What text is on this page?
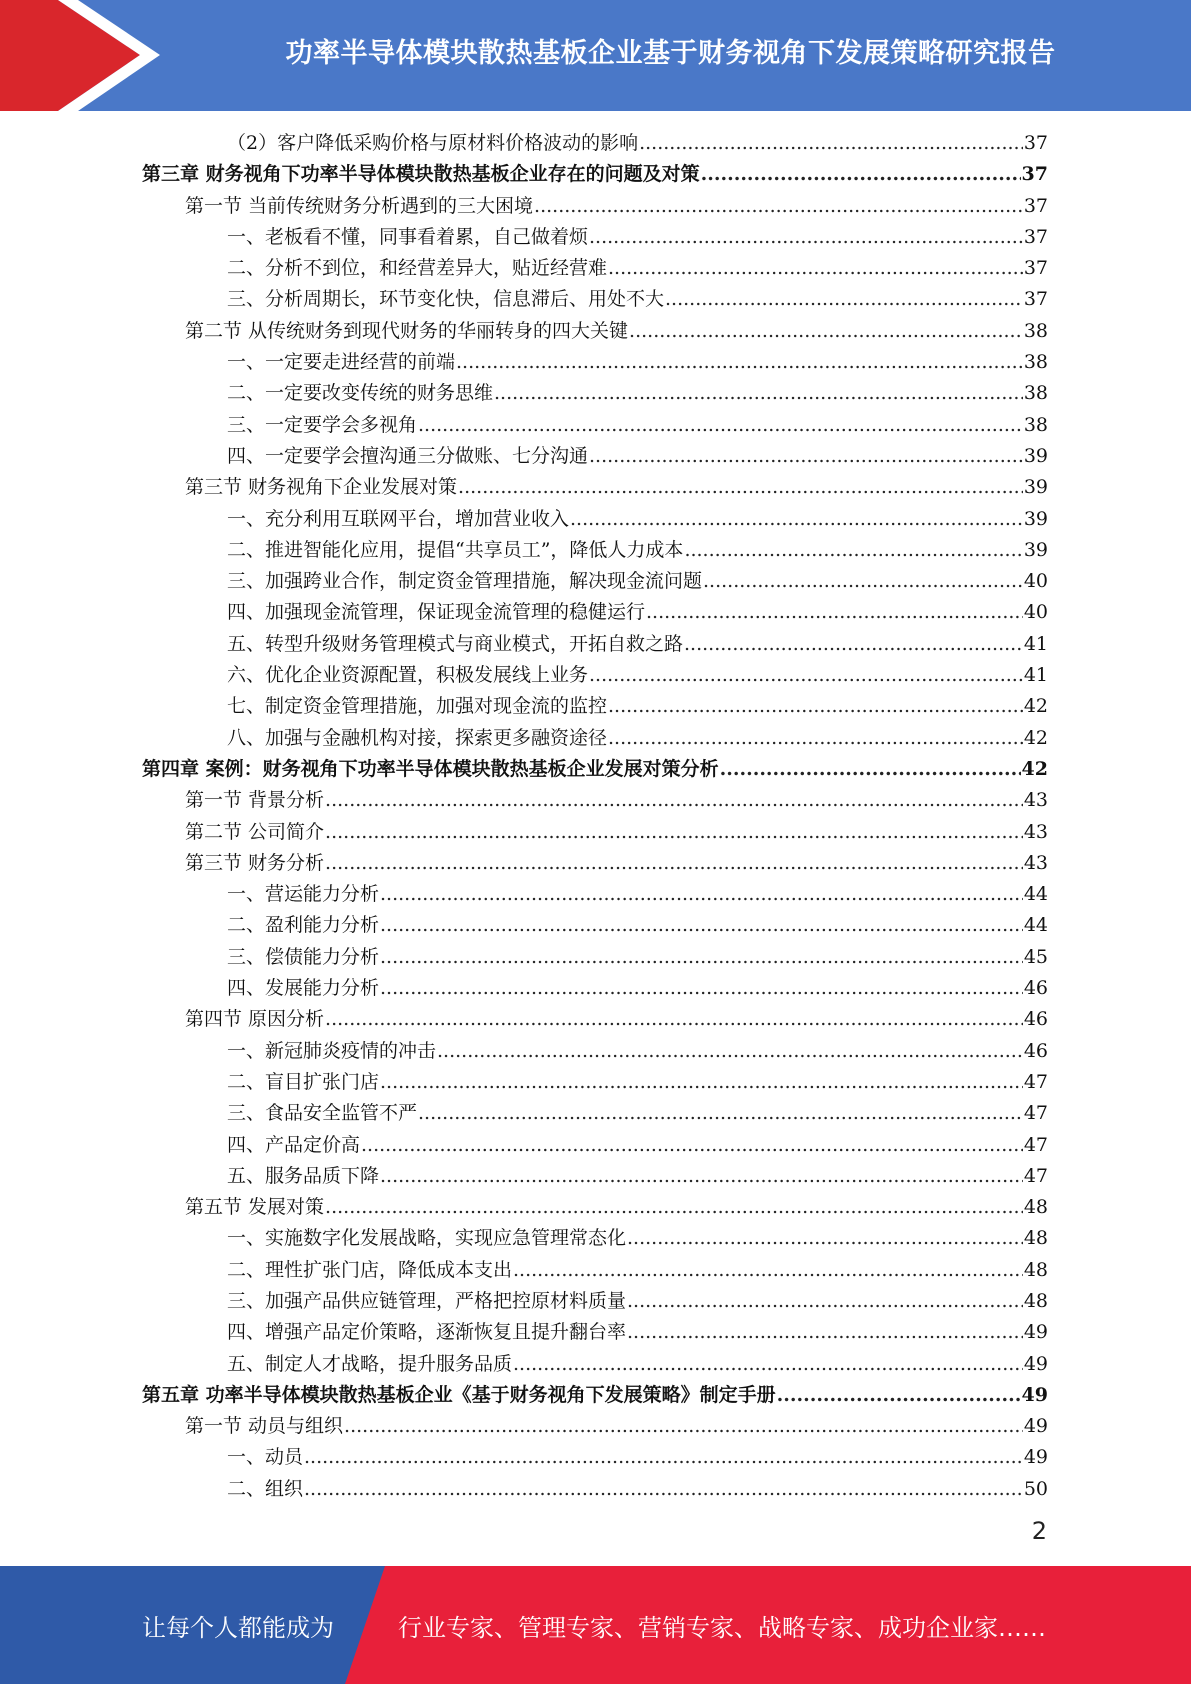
功率半导体模块散热基板企业基于财务视角下发展策略研究报告
（2）客户降低采购价格与原材料价格波动的影响 .....	37
第三章 财务视角下功率半导体模块散热基板企业存在的问题及对策 .....	37
第一节 当前传统财务分析遇到的三大困境 .....	37
一、老板看不懂，同事看着累，自己做着烦 .....	37
二、分析不到位，和经营差异大，贴近经营难 .....	37
三、分析周期长，环节变化快，信息滞后、用处不大 .....	37
第二节 从传统财务到现代财务的华丽转身的四大关键 .....	38
一、一定要走进经营的前端 .....	38
二、一定要改变传统的财务思维 .....	38
三、一定要学会多视角 .....	38
四、一定要学会擅沟通三分做账、七分沟通 .....	39
第三节 财务视角下企业发展对策 .....	39
一、充分利用互联网平台，增加营业收入 .....	39
二、推进智能化应用，提倡“共享员工”，降低人力成本 .....	39
三、加强跨业合作，制定资金管理措施，解决现金流问题 .....	40
四、加强现金流管理，保证现金流管理的稳健运行 .....	40
五、转型升级财务管理模式与商业模式，开拓自救之路 .....	41
六、优化企业资源配置，积极发展线上业务 .....	41
七、制定资金管理措施，加强对现金流的监控 .....	42
八、加强与金融机构对接，探索更多融资途径 .....	42
第四章 案例：财务视角下功率半导体模块散热基板企业发展对策分析 .....	42
第一节 背景分析 .....	43
第二节 公司简介 .....	43
第三节 财务分析 .....	43
一、营运能力分析 .....	44
二、盈利能力分析 .....	44
三、偿债能力分析 .....	45
四、发展能力分析 .....	46
第四节 原因分析 .....	46
一、新冠肺炎疫情的冲击 .....	46
二、盲目扩张门店 .....	47
三、食品安全监管不严 .....	47
四、产品定价高 .....	47
五、服务品质下降 .....	47
第五节 发展对策 .....	48
一、实施数字化发展战略，实现应急管理常态化 .....	48
二、理性扩张门店，降低成本支出 .....	48
三、加强产品供应链管理，严格把控原材料质量 .....	48
四、增强产品定价策略，逐渐恢复且提升翻台率 .....	49
五、制定人才战略，提升服务品质 .....	49
第五章 功率半导体模块散热基板企业《基于财务视角下发展策略》制定手册 .....	49
第一节 动员与组织 .....	49
一、动员 .....	49
二、组织 .....	50
2
让每个人都能成为	行业专家、管理专家、营销专家、战略专家、成功企业家……
